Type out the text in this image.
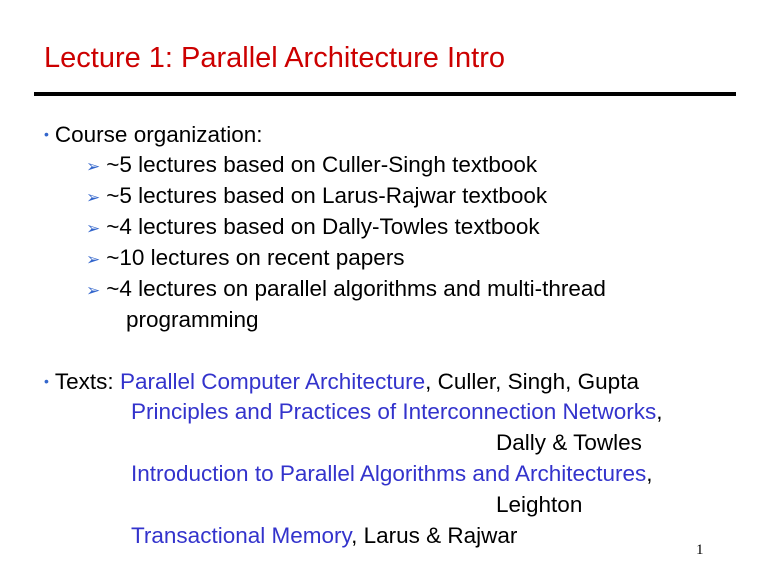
Lecture 1: Parallel Architecture Intro
• Course organization:
➢ ~5 lectures based on Culler-Singh textbook
➢ ~5 lectures based on Larus-Rajwar textbook
➢ ~4 lectures based on Dally-Towles textbook
➢ ~10 lectures on recent papers
➢ ~4 lectures on parallel algorithms and multi-thread
programming
• Texts: Parallel Computer Architecture, Culler, Singh, Gupta
Principles and Practices of Interconnection Networks,
Dally & Towles
Introduction to Parallel Algorithms and Architectures,
Leighton
Transactional Memory, Larus & Rajwar
1
